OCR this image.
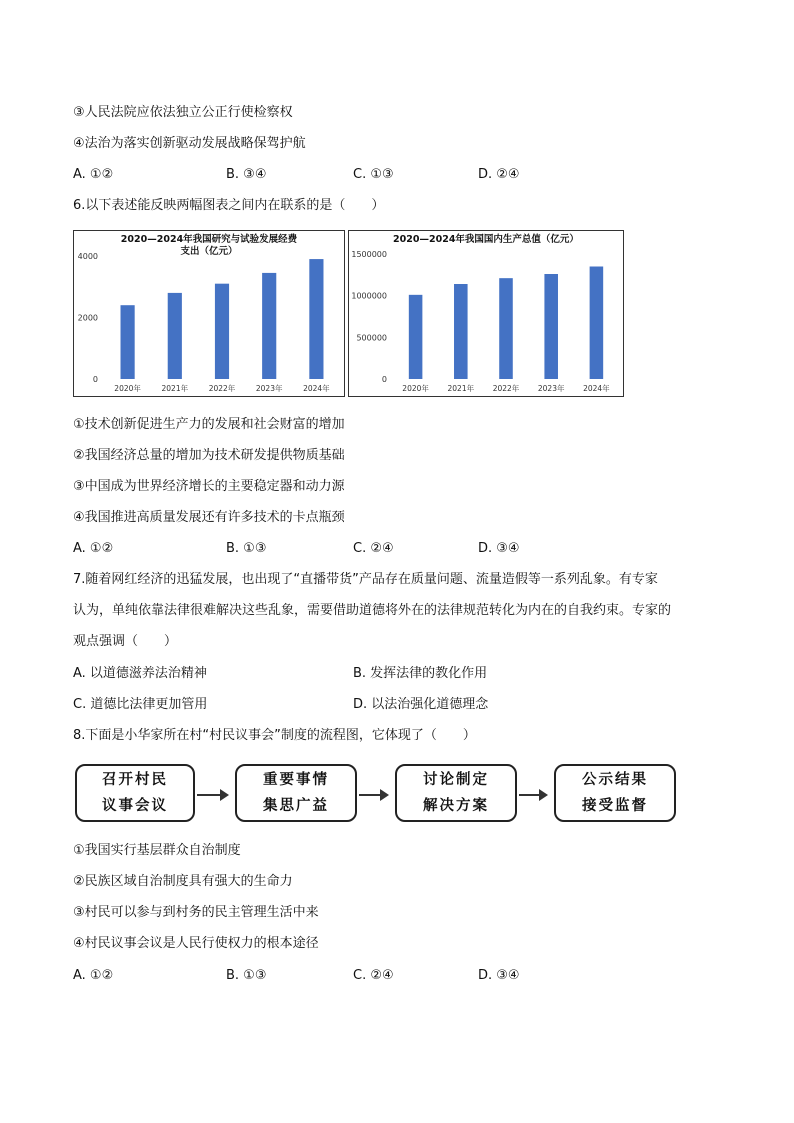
③人民法院应依法独立公正行使检察权
④法治为落实创新驱动发展战略保驾护航
A. ①②	B. ③④	C. ①③	D. ②④
6.以下表述能反映两幅图表之间内在联系的是（　　）
2020—2024年我国研究与试验发展经费
支出（亿元）
0
2000
4000
2020年	2021年	2022年	2023年	2024年
2020—2024年我国国内生产总值（亿元）
0
500000
1000000
1500000
2020年 2021年 2022年 2023年 2024年
①技术创新促进生产力的发展和社会财富的增加
②我国经济总量的增加为技术研发提供物质基础
③中国成为世界经济增长的主要稳定器和动力源
④我国推进高质量发展还有许多技术的卡点瓶颈
A. ①②	B. ①③	C. ②④	D. ③④
7.随着网红经济的迅猛发展，也出现了“直播带货”产品存在质量问题、流量造假等一系列乱象。有专家
认为，单纯依靠法律很难解决这些乱象，需要借助道德将外在的法律规范转化为内在的自我约束。专家的
观点强调（　　）
A. 以道德滋养法治精神	B. 发挥法律的教化作用
C. 道德比法律更加管用	D. 以法治强化道德理念
8.下面是小华家所在村“村民议事会”制度的流程图，它体现了（　　）
召开村民
议事会议
重要事情
集思广益
讨论制定
解决方案
公示结果
接受监督
①我国实行基层群众自治制度
②民族区域自治制度具有强大的生命力
③村民可以参与到村务的民主管理生活中来
④村民议事会议是人民行使权力的根本途径
A. ①②	B. ①③	C. ②④	D. ③④
